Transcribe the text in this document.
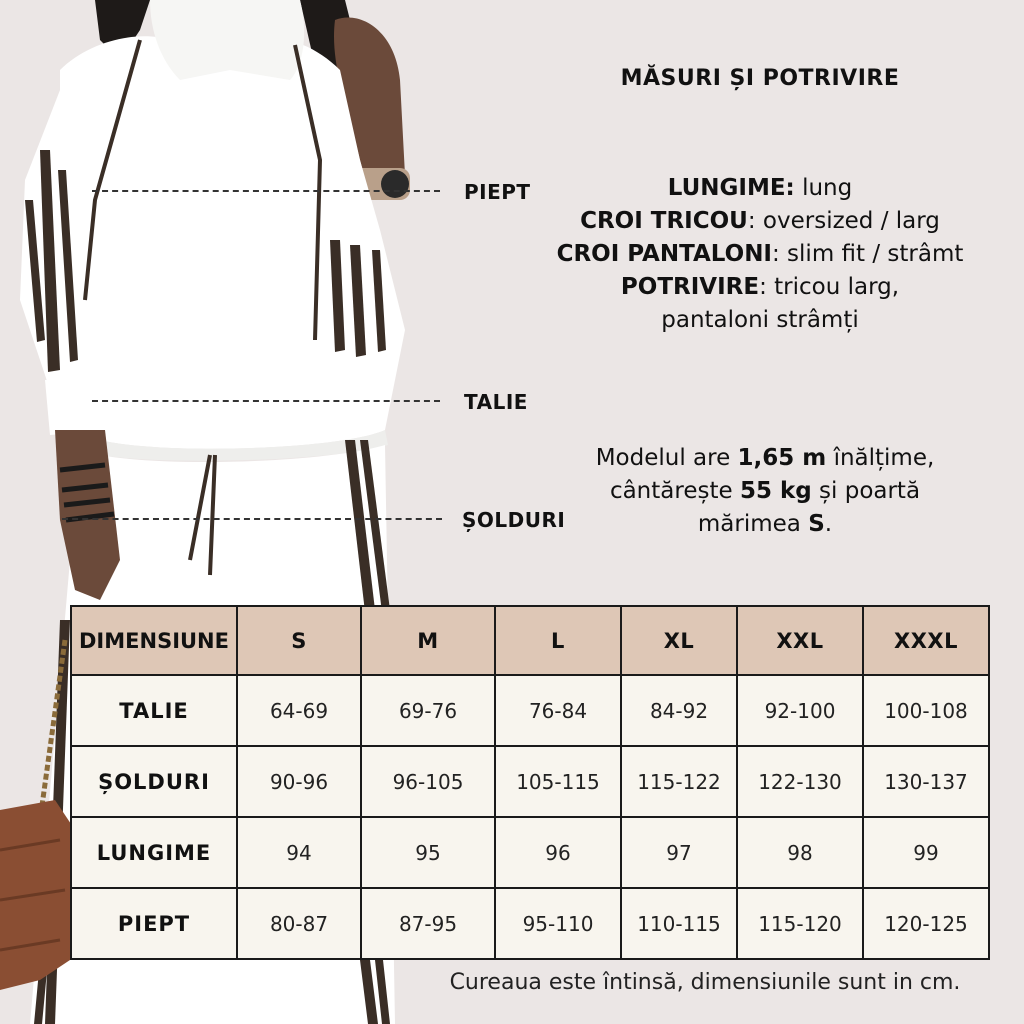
PIEPT
TALIE
ȘOLDURI
MĂSURI ȘI POTRIVIRE
LUNGIME: lung
CROI TRICOU: oversized / larg
CROI PANTALONI: slim fit / strâmt
POTRIVIRE: tricou larg, pantaloni strâmți
Modelul are 1,65 m înălțime, cântărește 55 kg și poartă mărimea S.
DIMENSIUNE	S	M	L	XL	XXL	XXXL
TALIE	64-69	69-76	76-84	84-92	92-100	100-108
ȘOLDURI	90-96	96-105	105-115	115-122	122-130	130-137
LUNGIME	94	95	96	97	98	99
PIEPT	80-87	87-95	95-110	110-115	115-120	120-125
Cureaua este întinsă, dimensiunile sunt in cm.
